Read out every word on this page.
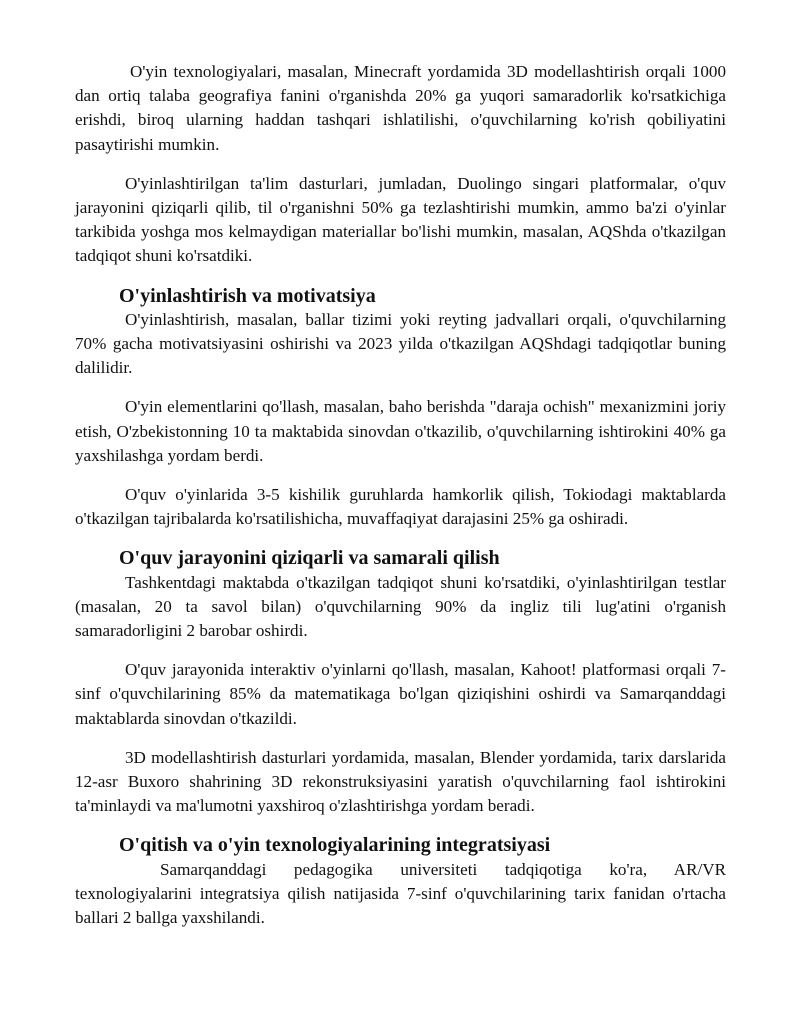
O'yin texnologiyalari, masalan, Minecraft yordamida 3D modellashtirish orqali 1000 dan ortiq talaba geografiya fanini o'rganishda 20% ga yuqori samaradorlik ko'rsatkichiga erishdi, biroq ularning haddan tashqari ishlatilishi, o'quvchilarning ko'rish qobiliyatini pasaytirishi mumkin.

O'yinlashtirilgan ta'lim dasturlari, jumladan, Duolingo singari platformalar, o'quv jarayonini qiziqarli qilib, til o'rganishni 50% ga tezlashtirishi mumkin, ammo ba'zi o'yinlar tarkibida yoshga mos kelmaydigan materiallar bo'lishi mumkin, masalan, AQShda o'tkazilgan tadqiqot shuni ko'rsatdiki.

O'yinlashtirish va motivatsiya

O'yinlashtirish, masalan, ballar tizimi yoki reyting jadvallari orqali, o'quvchilarning 70% gacha motivatsiyasini oshirishi va 2023 yilda o'tkazilgan AQShdagi tadqiqotlar buning dalilidir.

O'yin elementlarini qo'llash, masalan, baho berishda "daraja ochish" mexanizmini joriy etish, O'zbekistonning 10 ta maktabida sinovdan o'tkazilib, o'quvchilarning ishtirokini 40% ga yaxshilashga yordam berdi.

O'quv o'yinlarida 3-5 kishilik guruhlarda hamkorlik qilish, Tokiodagi maktablarda o'tkazilgan tajribalarda ko'rsatilishicha, muvaffaqiyat darajasini 25% ga oshiradi.

O'quv jarayonini qiziqarli va samarali qilish

Tashkentdagi maktabda o'tkazilgan tadqiqot shuni ko'rsatdiki, o'yinlashtirilgan testlar (masalan, 20 ta savol bilan) o'quvchilarning 90% da ingliz tili lug'atini o'rganish samaradorligini 2 barobar oshirdi.

O'quv jarayonida interaktiv o'yinlarni qo'llash, masalan, Kahoot! platformasi orqali 7-sinf o'quvchilarining 85% da matematikaga bo'lgan qiziqishini oshirdi va Samarqanddagi maktablarda sinovdan o'tkazildi.

3D modellashtirish dasturlari yordamida, masalan, Blender yordamida, tarix darslarida 12-asr Buxoro shahrining 3D rekonstruksiyasini yaratish o'quvchilarning faol ishtirokini ta'minlaydi va ma'lumotni yaxshiroq o'zlashtirishga yordam beradi.

O'qitish va o'yin texnologiyalarining integratsiyasi

Samarqanddagi pedagogika universiteti tadqiqotiga ko'ra, AR/VR texnologiyalarini integratsiya qilish natijasida 7-sinf o'quvchilarining tarix fanidan o'rtacha ballari 2 ballga yaxshilandi.
